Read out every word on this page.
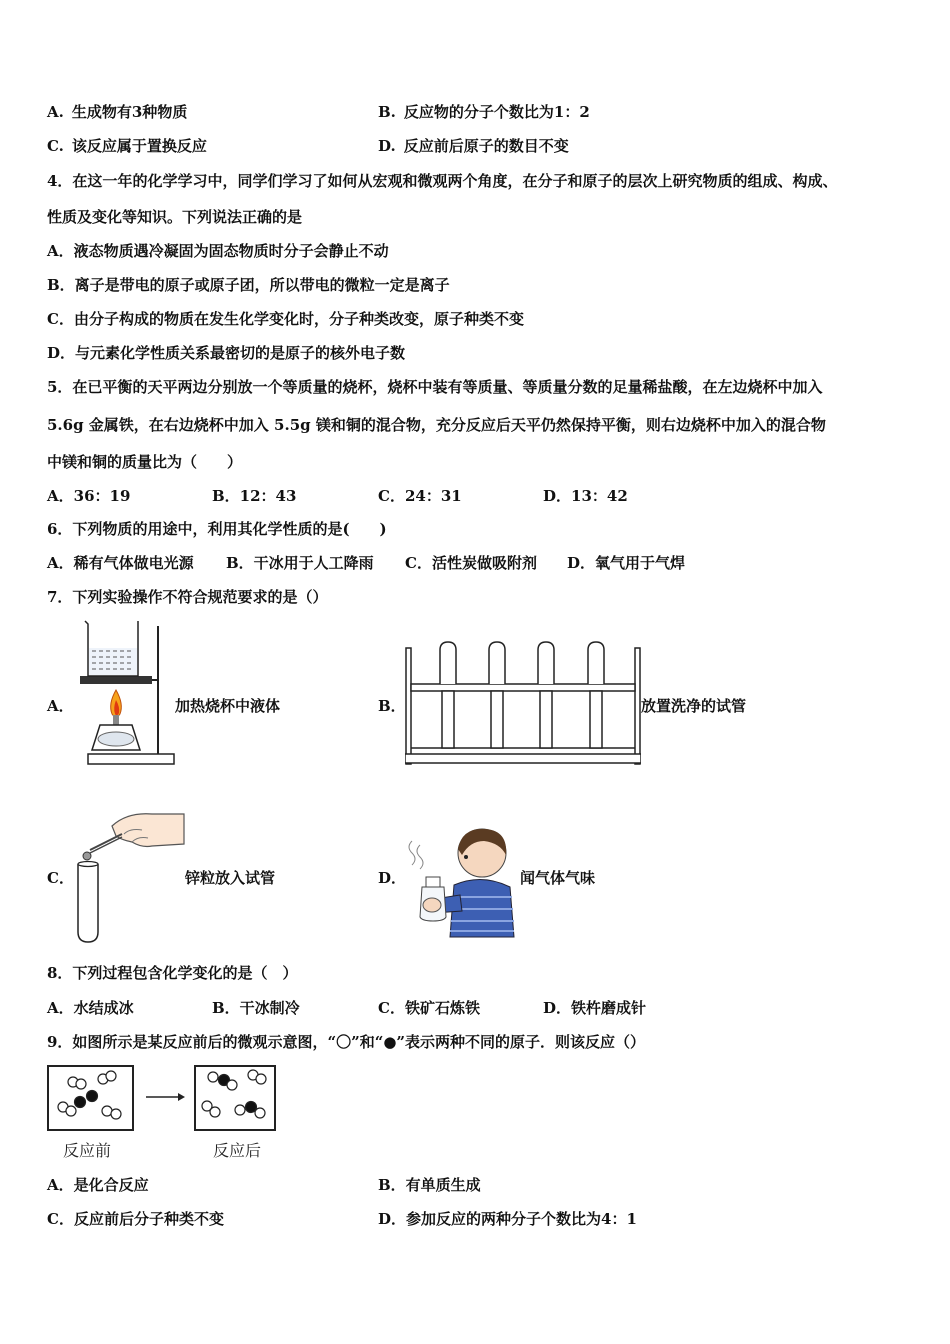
A. 生成物有3种物质	B. 反应物的分子个数比为1：2
C. 该反应属于置换反应	D. 反应前后原子的数目不变
4．在这一年的化学学习中，同学们学习了如何从宏观和微观两个角度，在分子和原子的层次上研究物质的组成、构成、
性质及变化等知识。下列说法正确的是
A．液态物质遇冷凝固为固态物质时分子会静止不动
B．离子是带电的原子或原子团，所以带电的微粒一定是离子
C．由分子构成的物质在发生化学变化时，分子种类改变，原子种类不变
D．与元素化学性质关系最密切的是原子的核外电子数
5．在已平衡的天平两边分别放一个等质量的烧杯，烧杯中装有等质量、等质量分数的足量稀盐酸，在左边烧杯中加入
5.6g 金属铁，在右边烧杯中加入 5.5g 镁和铜的混合物，充分反应后天平仍然保持平衡，则右边烧杯中加入的混合物
中镁和铜的质量比为（　　）
A．36：19	B．12：43	C．24：31	D．13：42
6．下列物质的用途中，利用其化学性质的是(　　)
A．稀有气体做电光源 B．干冰用于人工降雨 C．活性炭做吸附剂 D．氧气用于气焊
7．下列实验操作不符合规范要求的是（）
A．	加热烧杯中液体	B．	放置洗净的试管
C．	锌粒放入试管	D．	闻气体气味
8．下列过程包含化学变化的是（　）
A．水结成冰	B．干冰制冷	C．铁矿石炼铁	D．铁杵磨成针
9．如图所示是某反应前后的微观示意图，“〇”和“●”表示两种不同的原子．则该反应（）
反应前	反应后
A．是化合反应	B．有单质生成
C．反应前后分子种类不变	D．参加反应的两种分子个数比为4：1
